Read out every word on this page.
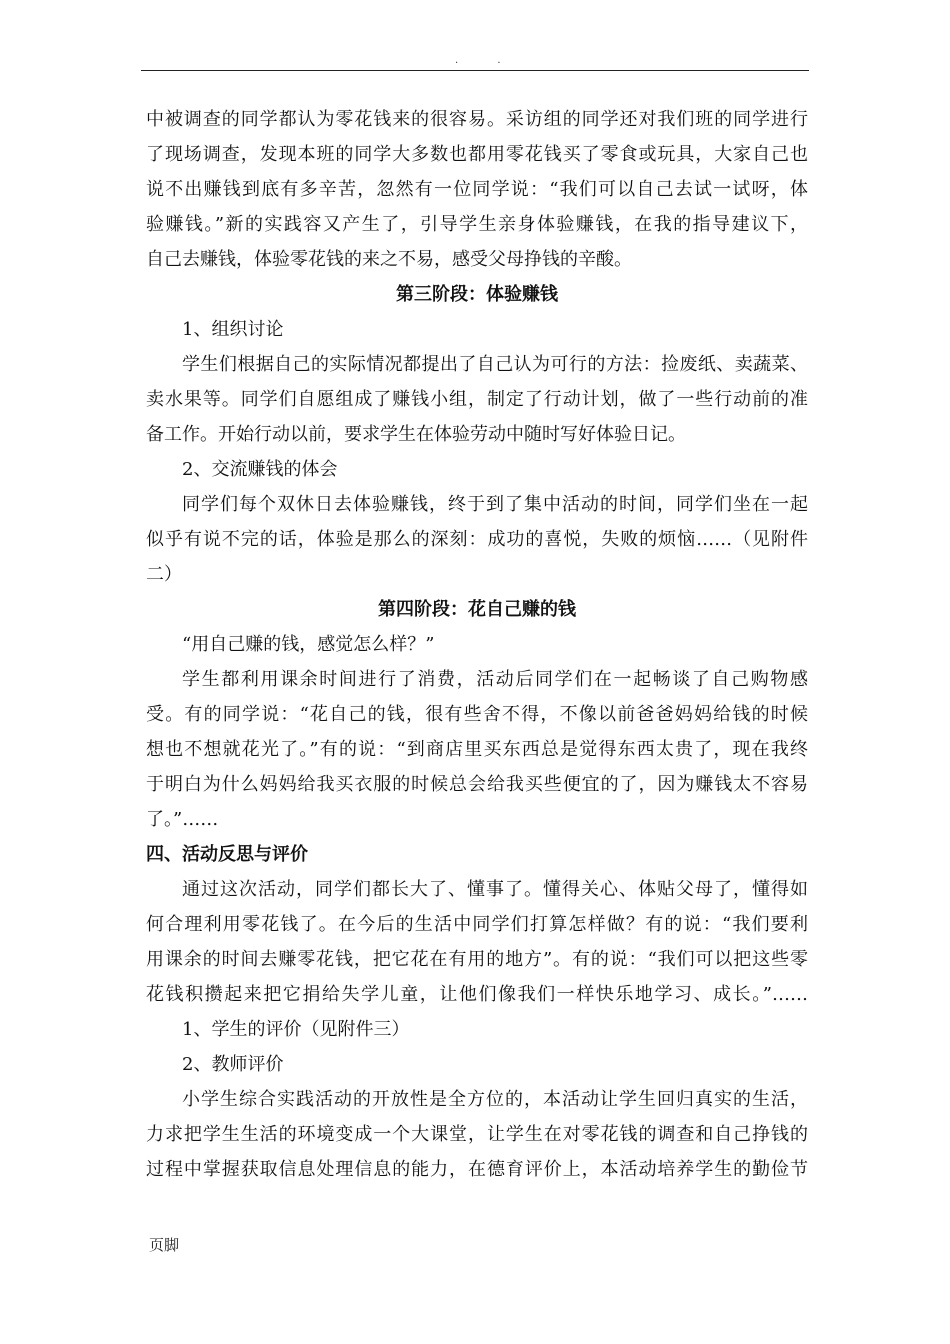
. .
中被调查的同学都认为零花钱来的很容易。采访组的同学还对我们班的同学进行
了现场调查，发现本班的同学大多数也都用零花钱买了零食或玩具，大家自己也
说不出赚钱到底有多辛苦，忽然有一位同学说：“我们可以自己去试一试呀，体
验赚钱。”新的实践容又产生了，引导学生亲身体验赚钱，在我的指导建议下，
自己去赚钱，体验零花钱的来之不易，感受父母挣钱的辛酸。
第三阶段：体验赚钱
1、组织讨论
学生们根据自己的实际情况都提出了自己认为可行的方法：捡废纸、卖蔬菜、
卖水果等。同学们自愿组成了赚钱小组，制定了行动计划，做了一些行动前的准
备工作。开始行动以前，要求学生在体验劳动中随时写好体验日记。
2、交流赚钱的体会
同学们每个双休日去体验赚钱，终于到了集中活动的时间，同学们坐在一起
似乎有说不完的话，体验是那么的深刻：成功的喜悦，失败的烦恼……（见附件
二）
第四阶段：花自己赚的钱
“用自己赚的钱，感觉怎么样？”
学生都利用课余时间进行了消费，活动后同学们在一起畅谈了自己购物感
受。有的同学说：“花自己的钱，很有些舍不得，不像以前爸爸妈妈给钱的时候
想也不想就花光了。”有的说：“到商店里买东西总是觉得东西太贵了，现在我终
于明白为什么妈妈给我买衣服的时候总会给我买些便宜的了，因为赚钱太不容易
了。”……
四、活动反思与评价
通过这次活动，同学们都长大了、懂事了。懂得关心、体贴父母了，懂得如
何合理利用零花钱了。在今后的生活中同学们打算怎样做？有的说：“我们要利
用课余的时间去赚零花钱，把它花在有用的地方”。有的说：“我们可以把这些零
花钱积攒起来把它捐给失学儿童，让他们像我们一样快乐地学习、成长。”……
1、学生的评价（见附件三）
2、教师评价
小学生综合实践活动的开放性是全方位的，本活动让学生回归真实的生活，
力求把学生生活的环境变成一个大课堂，让学生在对零花钱的调查和自己挣钱的
过程中掌握获取信息处理信息的能力，在德育评价上，本活动培养学生的勤俭节
页脚
